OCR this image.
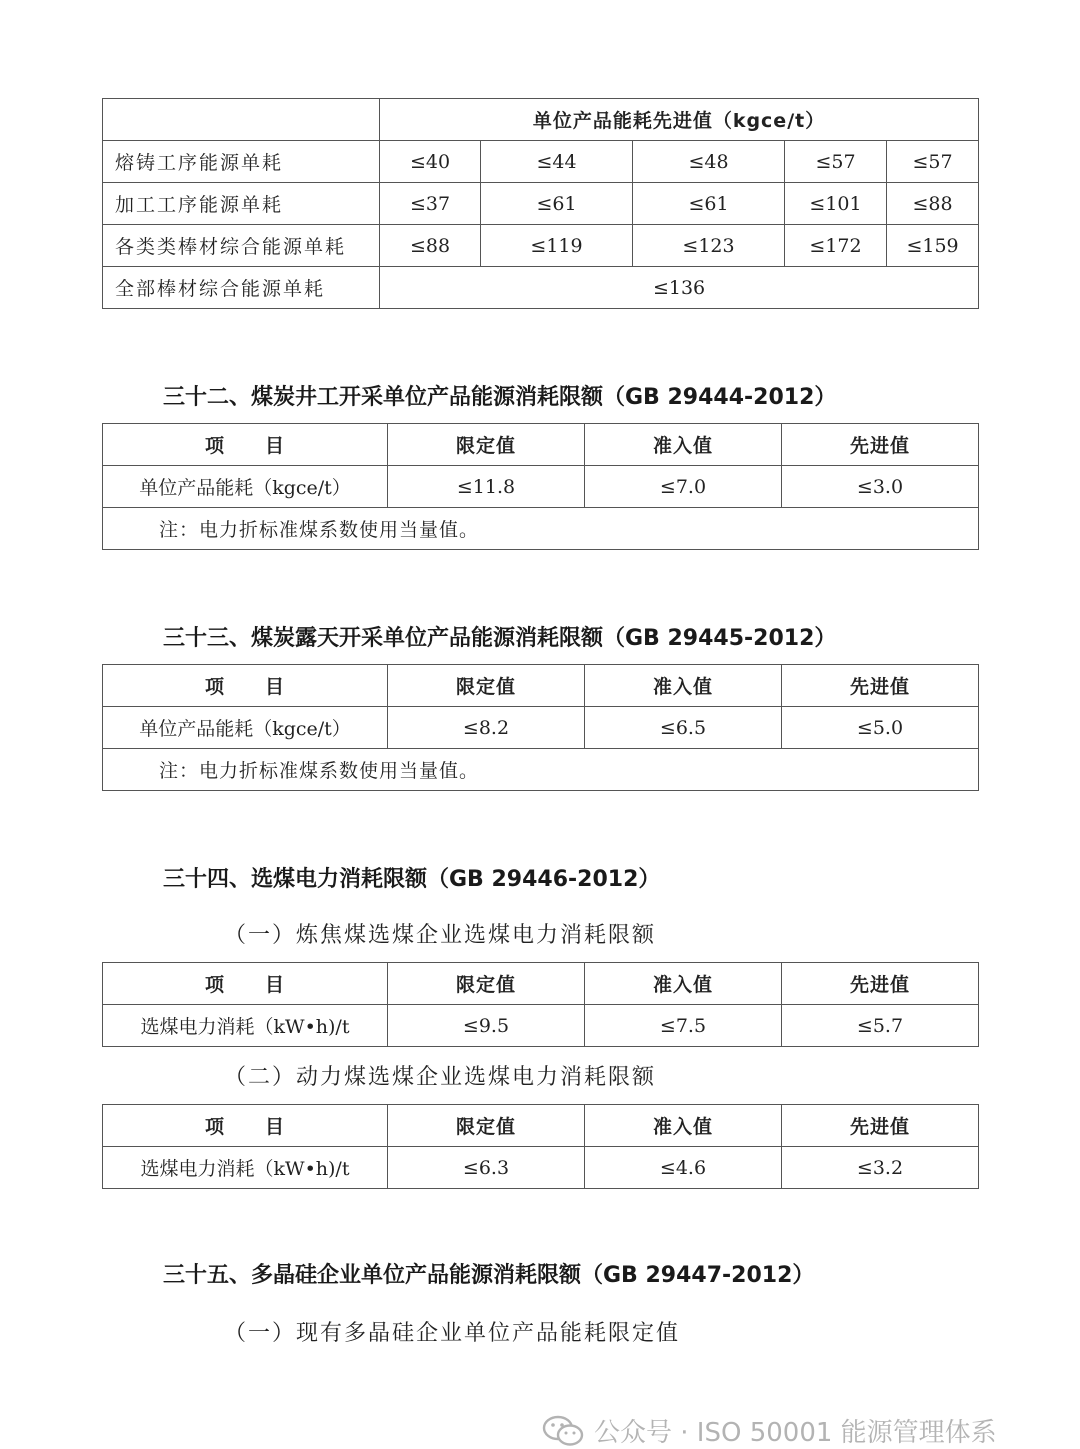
	单位产品能耗先进值（kgce/t）				
熔铸工序能源单耗	≤40	≤44	≤48	≤57	≤57
加工工序能源单耗	≤37	≤61	≤61	≤101	≤88
各类类棒材综合能源单耗	≤88	≤119	≤123	≤172	≤159
全部棒材综合能源单耗	≤136				
三十二、煤炭井工开采单位产品能源消耗限额（GB 29444-2012）
项　　目	限定值	准入值	先进值
单位产品能耗（kgce/t）	≤11.8	≤7.0	≤3.0
注：电力折标准煤系数使用当量值。			
三十三、煤炭露天开采单位产品能源消耗限额（GB 29445-2012）
项　　目	限定值	准入值	先进值
单位产品能耗（kgce/t）	≤8.2	≤6.5	≤5.0
注：电力折标准煤系数使用当量值。			
三十四、选煤电力消耗限额（GB 29446-2012）

（一）炼焦煤选煤企业选煤电力消耗限额

项　　目	限定值	准入值	先进值
选煤电力消耗（kW•h)/t	≤9.5	≤7.5	≤5.7

（二）动力煤选煤企业选煤电力消耗限额

项　　目	限定值	准入值	先进值
选煤电力消耗（kW•h)/t	≤6.3	≤4.6	≤3.2
三十五、多晶硅企业单位产品能源消耗限额（GB 29447-2012）

（一）现有多晶硅企业单位产品能耗限定值

公众号 · ISO 50001 能源管理体系
